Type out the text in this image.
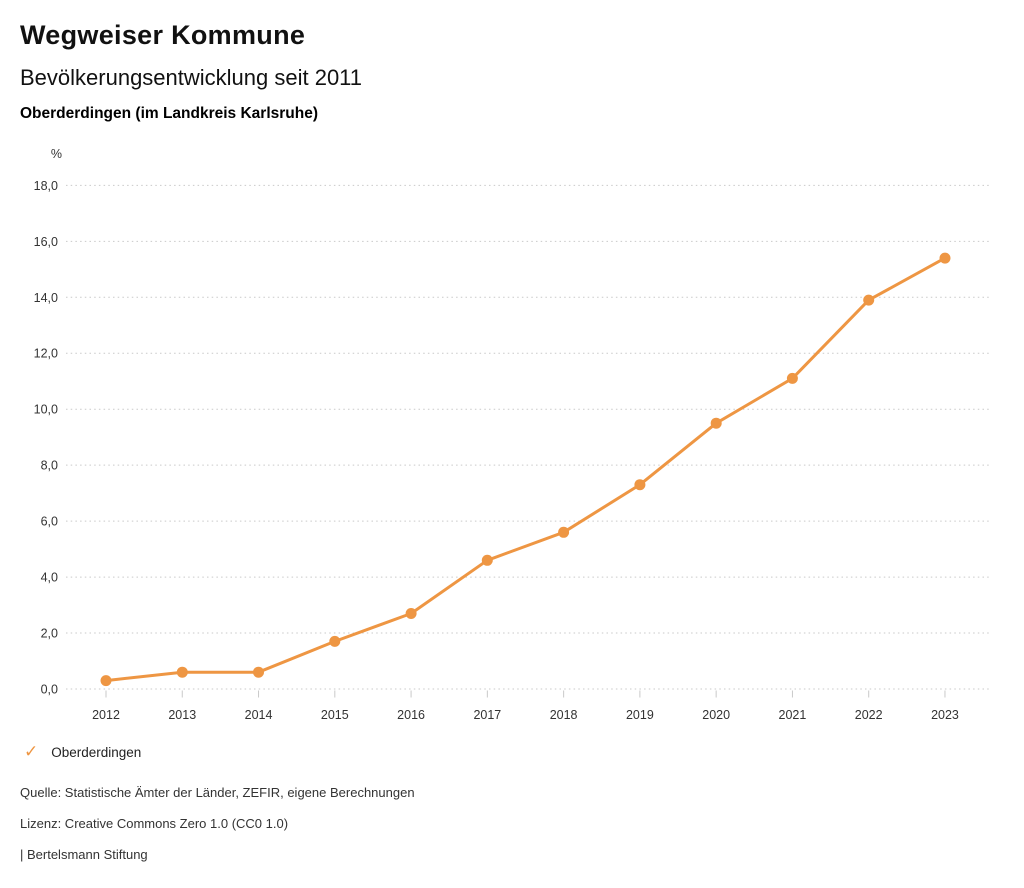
Wegweiser Kommune
Bevölkerungsentwicklung seit 2011
Oberderdingen (im Landkreis Karlsruhe)
%
0,0
2,0
4,0
6,0
8,0
10,0
12,0
14,0
16,0
18,0
2012	2013	2014	2015	2016	2017	2018	2019	2020	2021	2022	2023
✓ Oberderdingen
Quelle: Statistische Ämter der Länder, ZEFIR, eigene Berechnungen
Lizenz: Creative Commons Zero 1.0 (CC0 1.0)
| Bertelsmann Stiftung
